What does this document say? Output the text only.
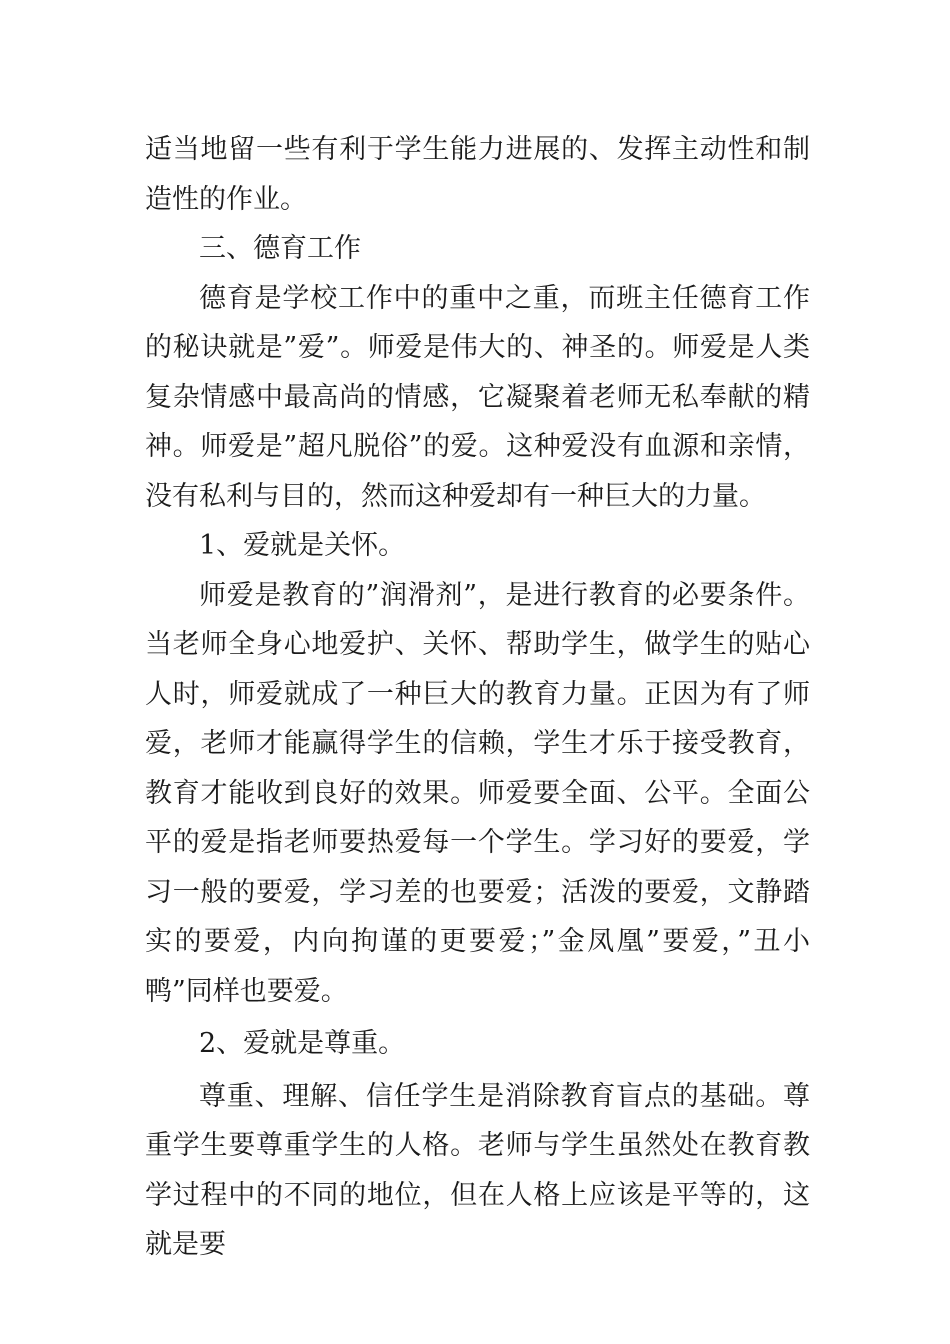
适当地留一些有利于学生能力进展的、发挥主动性和制造性的作业。

三、德育工作

德育是学校工作中的重中之重，而班主任德育工作的秘诀就是”爱”。师爱是伟大的、神圣的。师爱是人类复杂情感中最高尚的情感，它凝聚着老师无私奉献的精神。师爱是”超凡脱俗”的爱。这种爱没有血源和亲情，没有私利与目的，然而这种爱却有一种巨大的力量。

1、爱就是关怀。

师爱是教育的”润滑剂”，是进行教育的必要条件。当老师全身心地爱护、关怀、帮助学生，做学生的贴心人时，师爱就成了一种巨大的教育力量。正因为有了师爱，老师才能赢得学生的信赖，学生才乐于接受教育，教育才能收到良好的效果。师爱要全面、公平。全面公平的爱是指老师要热爱每一个学生。学习好的要爱，学习一般的要爱，学习差的也要爱；活泼的要爱，文静踏实的要爱，内向拘谨的更要爱；”金凤凰”要爱，”丑小鸭”同样也要爱。

2、爱就是尊重。

尊重、理解、信任学生是消除教育盲点的基础。尊重学生要尊重学生的人格。老师与学生虽然处在教育教学过程中的不同的地位，但在人格上应该是平等的，这就是要
